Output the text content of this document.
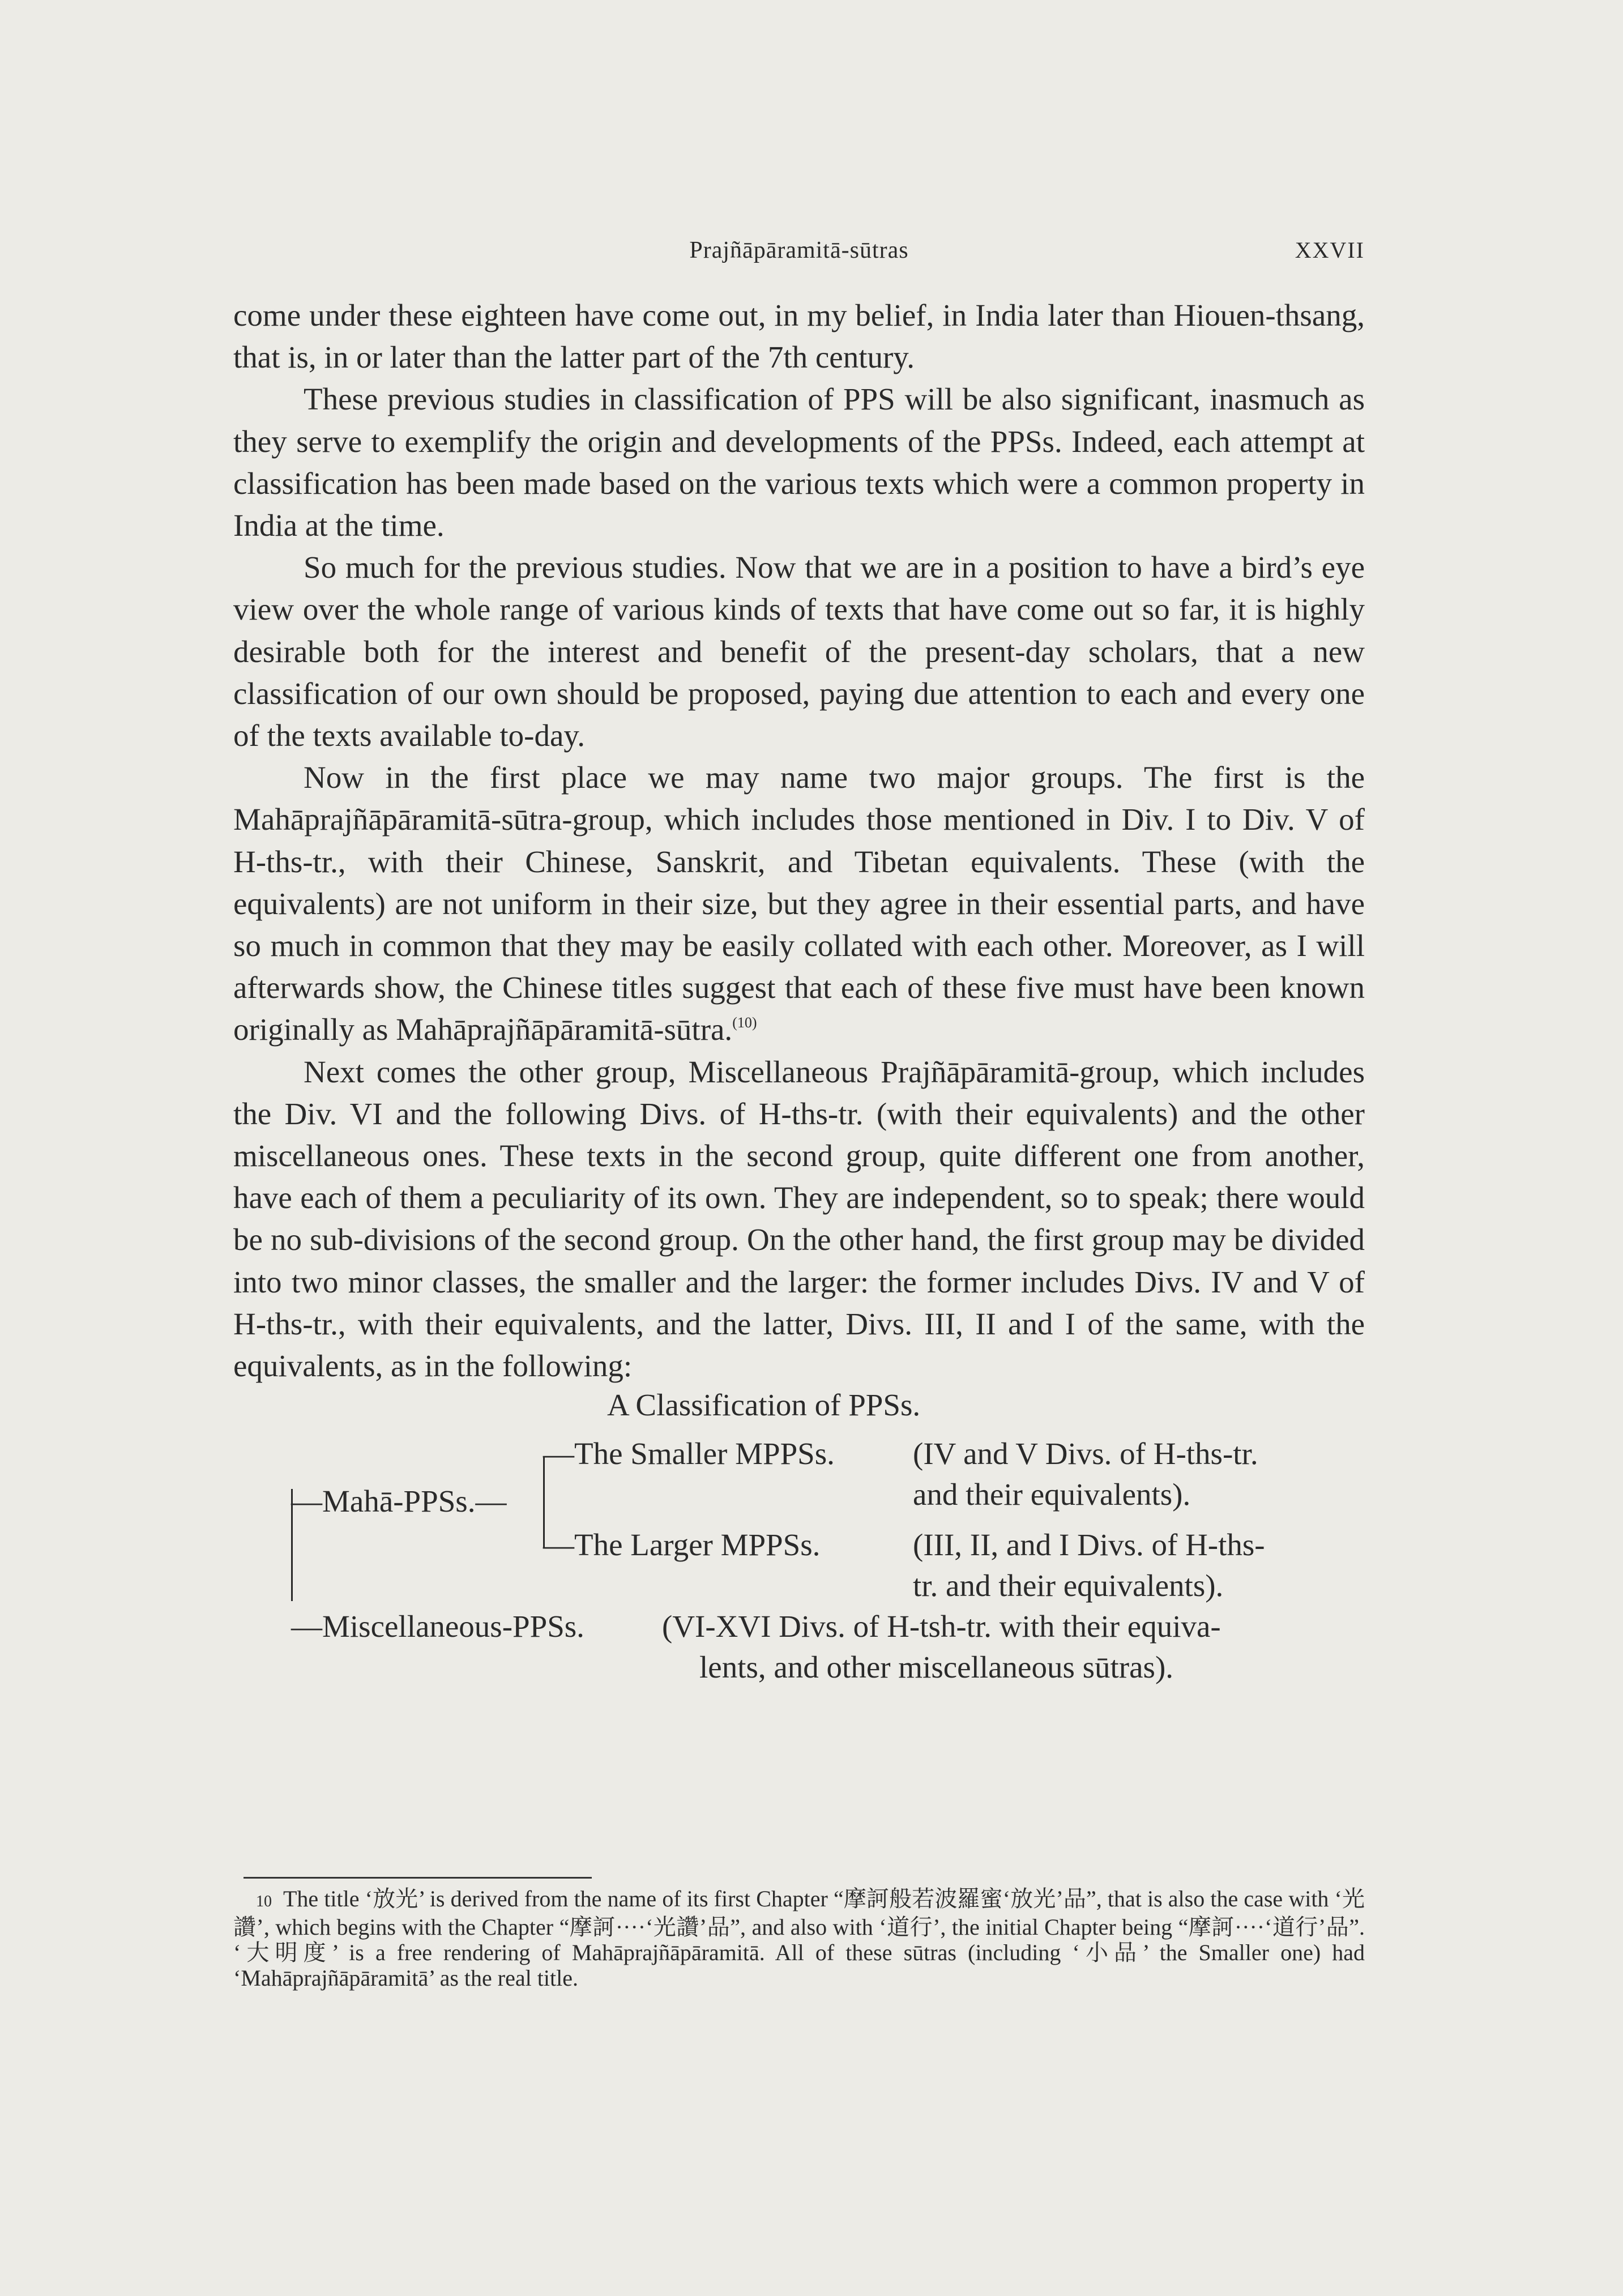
Prajñāpāramitā-sūtras	XXVII

come under these eighteen have come out, in my belief, in India later than Hiouen-thsang, that is, in or later than the latter part of the 7th century.

These previous studies in classification of PPS will be also significant, inasmuch as they serve to exemplify the origin and developments of the PPSs. Indeed, each attempt at classification has been made based on the various texts which were a common property in India at the time.

So much for the previous studies. Now that we are in a position to have a bird’s eye view over the whole range of various kinds of texts that have come out so far, it is highly desirable both for the interest and benefit of the present-day scholars, that a new classification of our own should be proposed, paying due attention to each and every one of the texts available to-day.

Now in the first place we may name two major groups. The first is the Mahāprajñāpāramitā-sūtra-group, which includes those mentioned in Div. I to Div. V of H-ths-tr., with their Chinese, Sanskrit, and Tibetan equivalents. These (with the equivalents) are not uniform in their size, but they agree in their essential parts, and have so much in common that they may be easily collated with each other. Moreover, as I will afterwards show, the Chinese titles suggest that each of these five must have been known originally as Mahāprajñāpāramitā-sūtra.$^{(10)}$

Next comes the other group, Miscellaneous Prajñāpāramitā-group, which includes the Div. VI and the following Divs. of H-ths-tr. (with their equivalents) and the other miscellaneous ones. These texts in the second group, quite different one from another, have each of them a peculiarity of its own. They are independent, so to speak; there would be no sub-divisions of the second group. On the other hand, the first group may be divided into two minor classes, the smaller and the larger: the former includes Divs. IV and V of H-ths-tr., with their equivalents, and the latter, Divs. III, II and I of the same, with the equivalents, as in the following:

A Classification of PPSs.
—Mahā-PPSs.—
—The Smaller MPPSs.	(IV and V Divs. of H-ths-tr.
and their equivalents).
—The Larger MPPSs.	(III, II, and I Divs. of H-ths-
tr. and their equivalents).
—Miscellaneous-PPSs. (VI-XVI Divs. of H-tsh-tr. with their equiva-
lents, and other miscellaneous sūtras).

10 The title ‘放光’ is derived from the name of its first Chapter “摩訶般若波羅蜜‘放光’品”, that is also the case with ‘光讚’, which begins with the Chapter “摩訶····‘光讚’品”, and also with ‘道行’, the initial Chapter being “摩訶····‘道行’品”. ‘大明度’ is a free rendering of Mahāprajñāpāramitā. All of these sūtras (including ‘小品’ the Smaller one) had ‘Mahāprajñāpāramitā’ as the real title.
